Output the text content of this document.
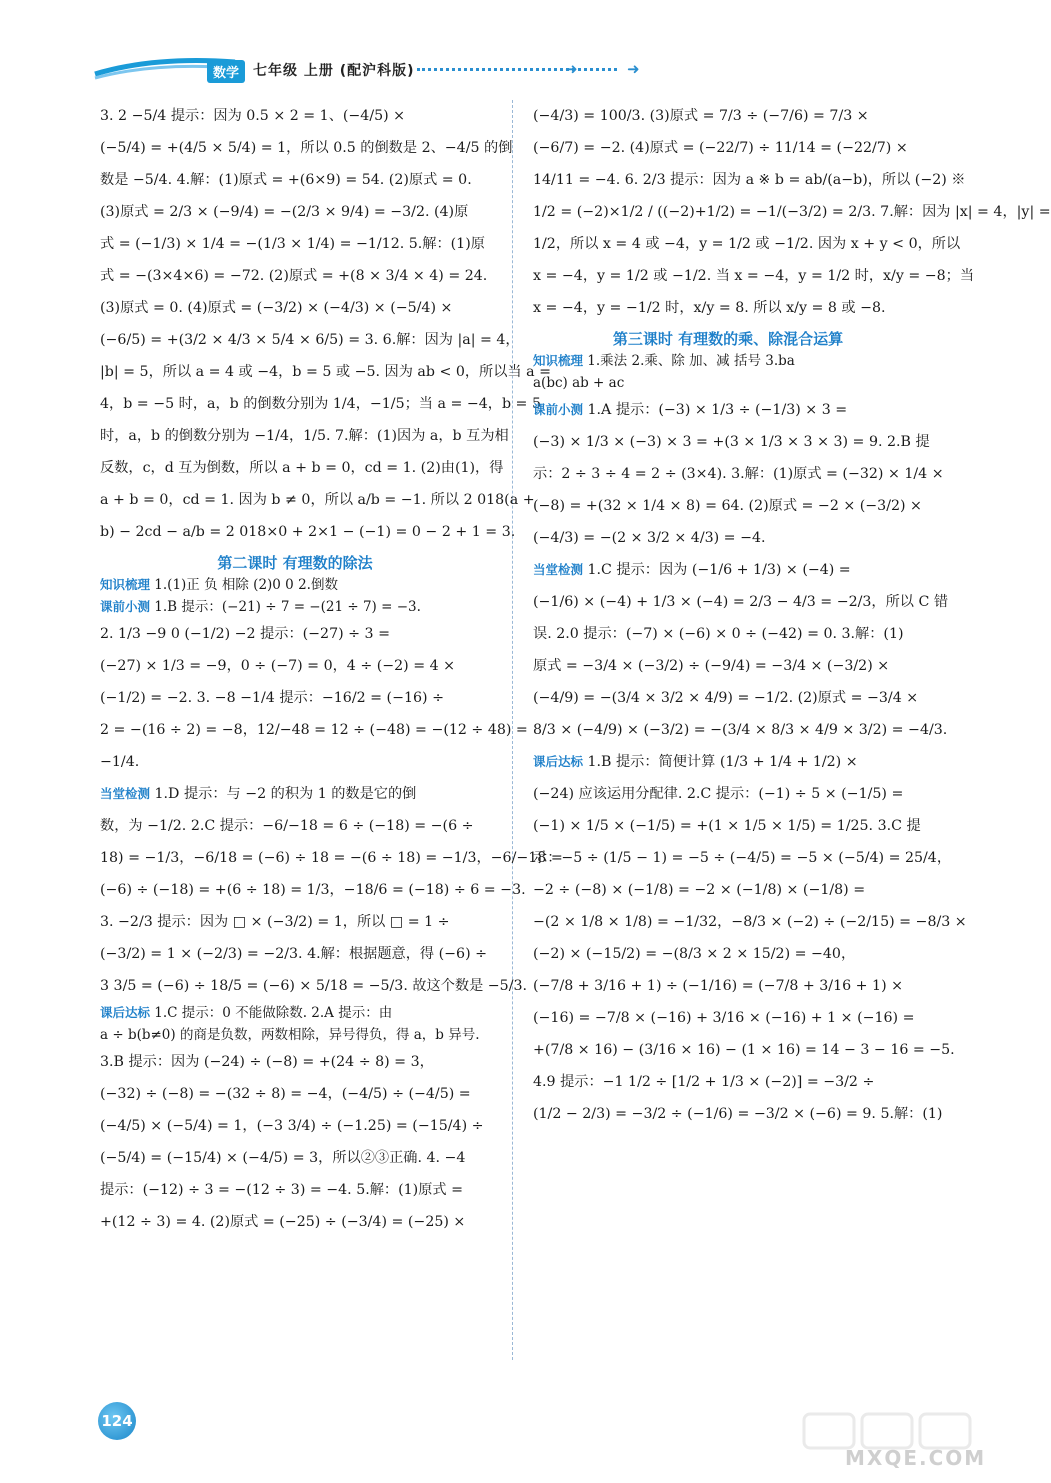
数学 七年级 上册 (配沪科版)	➜	➜
3. 2 −5/4 提示：因为 0.5 × 2 = 1、(−4/5) ×
(−5/4) = +(4/5 × 5/4) = 1，所以 0.5 的倒数是 2、−4/5 的倒
数是 −5/4. 4.解：(1)原式 = +(6×9) = 54. (2)原式 = 0.
(3)原式 = 2/3 × (−9/4) = −(2/3 × 9/4) = −3/2. (4)原
式 = (−1/3) × 1/4 = −(1/3 × 1/4) = −1/12. 5.解：(1)原
式 = −(3×4×6) = −72. (2)原式 = +(8 × 3/4 × 4) = 24.
(3)原式 = 0. (4)原式 = (−3/2) × (−4/3) × (−5/4) ×
(−6/5) = +(3/2 × 4/3 × 5/4 × 6/5) = 3. 6.解：因为 |a| = 4，
|b| = 5，所以 a = 4 或 −4，b = 5 或 −5. 因为 ab < 0，所以当 a =
4，b = −5 时，a，b 的倒数分别为 1/4，−1/5；当 a = −4，b = 5
时，a，b 的倒数分别为 −1/4，1/5. 7.解：(1)因为 a，b 互为相
反数，c，d 互为倒数，所以 a + b = 0，cd = 1. (2)由(1)，得
a + b = 0，cd = 1. 因为 b ≠ 0，所以 a/b = −1. 所以 2 018(a +
b) − 2cd − a/b = 2 018×0 + 2×1 − (−1) = 0 − 2 + 1 = 3.
第二课时 有理数的除法
知识梳理 1.(1)正 负 相除 (2)0 0 2.倒数
课前小测 1.B 提示：(−21) ÷ 7 = −(21 ÷ 7) = −3.
2. 1/3 −9 0 (−1/2) −2 提示：(−27) ÷ 3 =
(−27) × 1/3 = −9，0 ÷ (−7) = 0，4 ÷ (−2) = 4 ×
(−1/2) = −2. 3. −8 −1/4 提示：−16/2 = (−16) ÷
2 = −(16 ÷ 2) = −8，12/−48 = 12 ÷ (−48) = −(12 ÷ 48) =
−1/4.
当堂检测 1.D 提示：与 −2 的积为 1 的数是它的倒
数，为 −1/2. 2.C 提示：−6/−18 = 6 ÷ (−18) = −(6 ÷
18) = −1/3，−6/18 = (−6) ÷ 18 = −(6 ÷ 18) = −1/3，−6/−18 =
(−6) ÷ (−18) = +(6 ÷ 18) = 1/3，−18/6 = (−18) ÷ 6 = −3.
3. −2/3 提示：因为 □ × (−3/2) = 1，所以 □ = 1 ÷
(−3/2) = 1 × (−2/3) = −2/3. 4.解：根据题意，得 (−6) ÷
3 3/5 = (−6) ÷ 18/5 = (−6) × 5/18 = −5/3. 故这个数是 −5/3.
课后达标 1.C 提示：0 不能做除数. 2.A 提示：由
a ÷ b(b≠0) 的商是负数，两数相除，异号得负，得 a，b 异号.
3.B 提示：因为 (−24) ÷ (−8) = +(24 ÷ 8) = 3，
(−32) ÷ (−8) = −(32 ÷ 8) = −4，(−4/5) ÷ (−4/5) =
(−4/5) × (−5/4) = 1，(−3 3/4) ÷ (−1.25) = (−15/4) ÷
(−5/4) = (−15/4) × (−4/5) = 3，所以②③正确. 4. −4
提示：(−12) ÷ 3 = −(12 ÷ 3) = −4. 5.解：(1)原式 =
+(12 ÷ 3) = 4. (2)原式 = (−25) ÷ (−3/4) = (−25) ×
(−4/3) = 100/3. (3)原式 = 7/3 ÷ (−7/6) = 7/3 ×
(−6/7) = −2. (4)原式 = (−22/7) ÷ 11/14 = (−22/7) ×
14/11 = −4. 6. 2/3 提示：因为 a ※ b = ab/(a−b)，所以 (−2) ※
1/2 = (−2)×1/2 / ((−2)+1/2) = −1/(−3/2) = 2/3. 7.解：因为 |x| = 4，|y| =
1/2，所以 x = 4 或 −4，y = 1/2 或 −1/2. 因为 x + y < 0，所以
x = −4，y = 1/2 或 −1/2. 当 x = −4，y = 1/2 时，x/y = −8；当
x = −4，y = −1/2 时，x/y = 8. 所以 x/y = 8 或 −8.
第三课时 有理数的乘、除混合运算
知识梳理 1.乘法 2.乘、除 加、减 括号 3.ba
a(bc) ab + ac
课前小测 1.A 提示：(−3) × 1/3 ÷ (−1/3) × 3 =
(−3) × 1/3 × (−3) × 3 = +(3 × 1/3 × 3 × 3) = 9. 2.B 提
示：2 ÷ 3 ÷ 4 = 2 ÷ (3×4). 3.解：(1)原式 = (−32) × 1/4 ×
(−8) = +(32 × 1/4 × 8) = 64. (2)原式 = −2 × (−3/2) ×
(−4/3) = −(2 × 3/2 × 4/3) = −4.
当堂检测 1.C 提示：因为 (−1/6 + 1/3) × (−4) =
(−1/6) × (−4) + 1/3 × (−4) = 2/3 − 4/3 = −2/3，所以 C 错
误. 2.0 提示：(−7) × (−6) × 0 ÷ (−42) = 0. 3.解：(1)
原式 = −3/4 × (−3/2) ÷ (−9/4) = −3/4 × (−3/2) ×
(−4/9) = −(3/4 × 3/2 × 4/9) = −1/2. (2)原式 = −3/4 ×
8/3 × (−4/9) × (−3/2) = −(3/4 × 8/3 × 4/9 × 3/2) = −4/3.
课后达标 1.B 提示：简便计算 (1/3 + 1/4 + 1/2) ×
(−24) 应该运用分配律. 2.C 提示：(−1) ÷ 5 × (−1/5) =
(−1) × 1/5 × (−1/5) = +(1 × 1/5 × 1/5) = 1/25. 3.C 提
示：−5 ÷ (1/5 − 1) = −5 ÷ (−4/5) = −5 × (−5/4) = 25/4，
−2 ÷ (−8) × (−1/8) = −2 × (−1/8) × (−1/8) =
−(2 × 1/8 × 1/8) = −1/32，−8/3 × (−2) ÷ (−2/15) = −8/3 ×
(−2) × (−15/2) = −(8/3 × 2 × 15/2) = −40，
(−7/8 + 3/16 + 1) ÷ (−1/16) = (−7/8 + 3/16 + 1) ×
(−16) = −7/8 × (−16) + 3/16 × (−16) + 1 × (−16) =
+(7/8 × 16) − (3/16 × 16) − (1 × 16) = 14 − 3 − 16 = −5.
4.9 提示：−1 1/2 ÷ [1/2 + 1/3 × (−2)] = −3/2 ÷
(1/2 − 2/3) = −3/2 ÷ (−1/6) = −3/2 × (−6) = 9. 5.解：(1)
124
MXQE.COM
